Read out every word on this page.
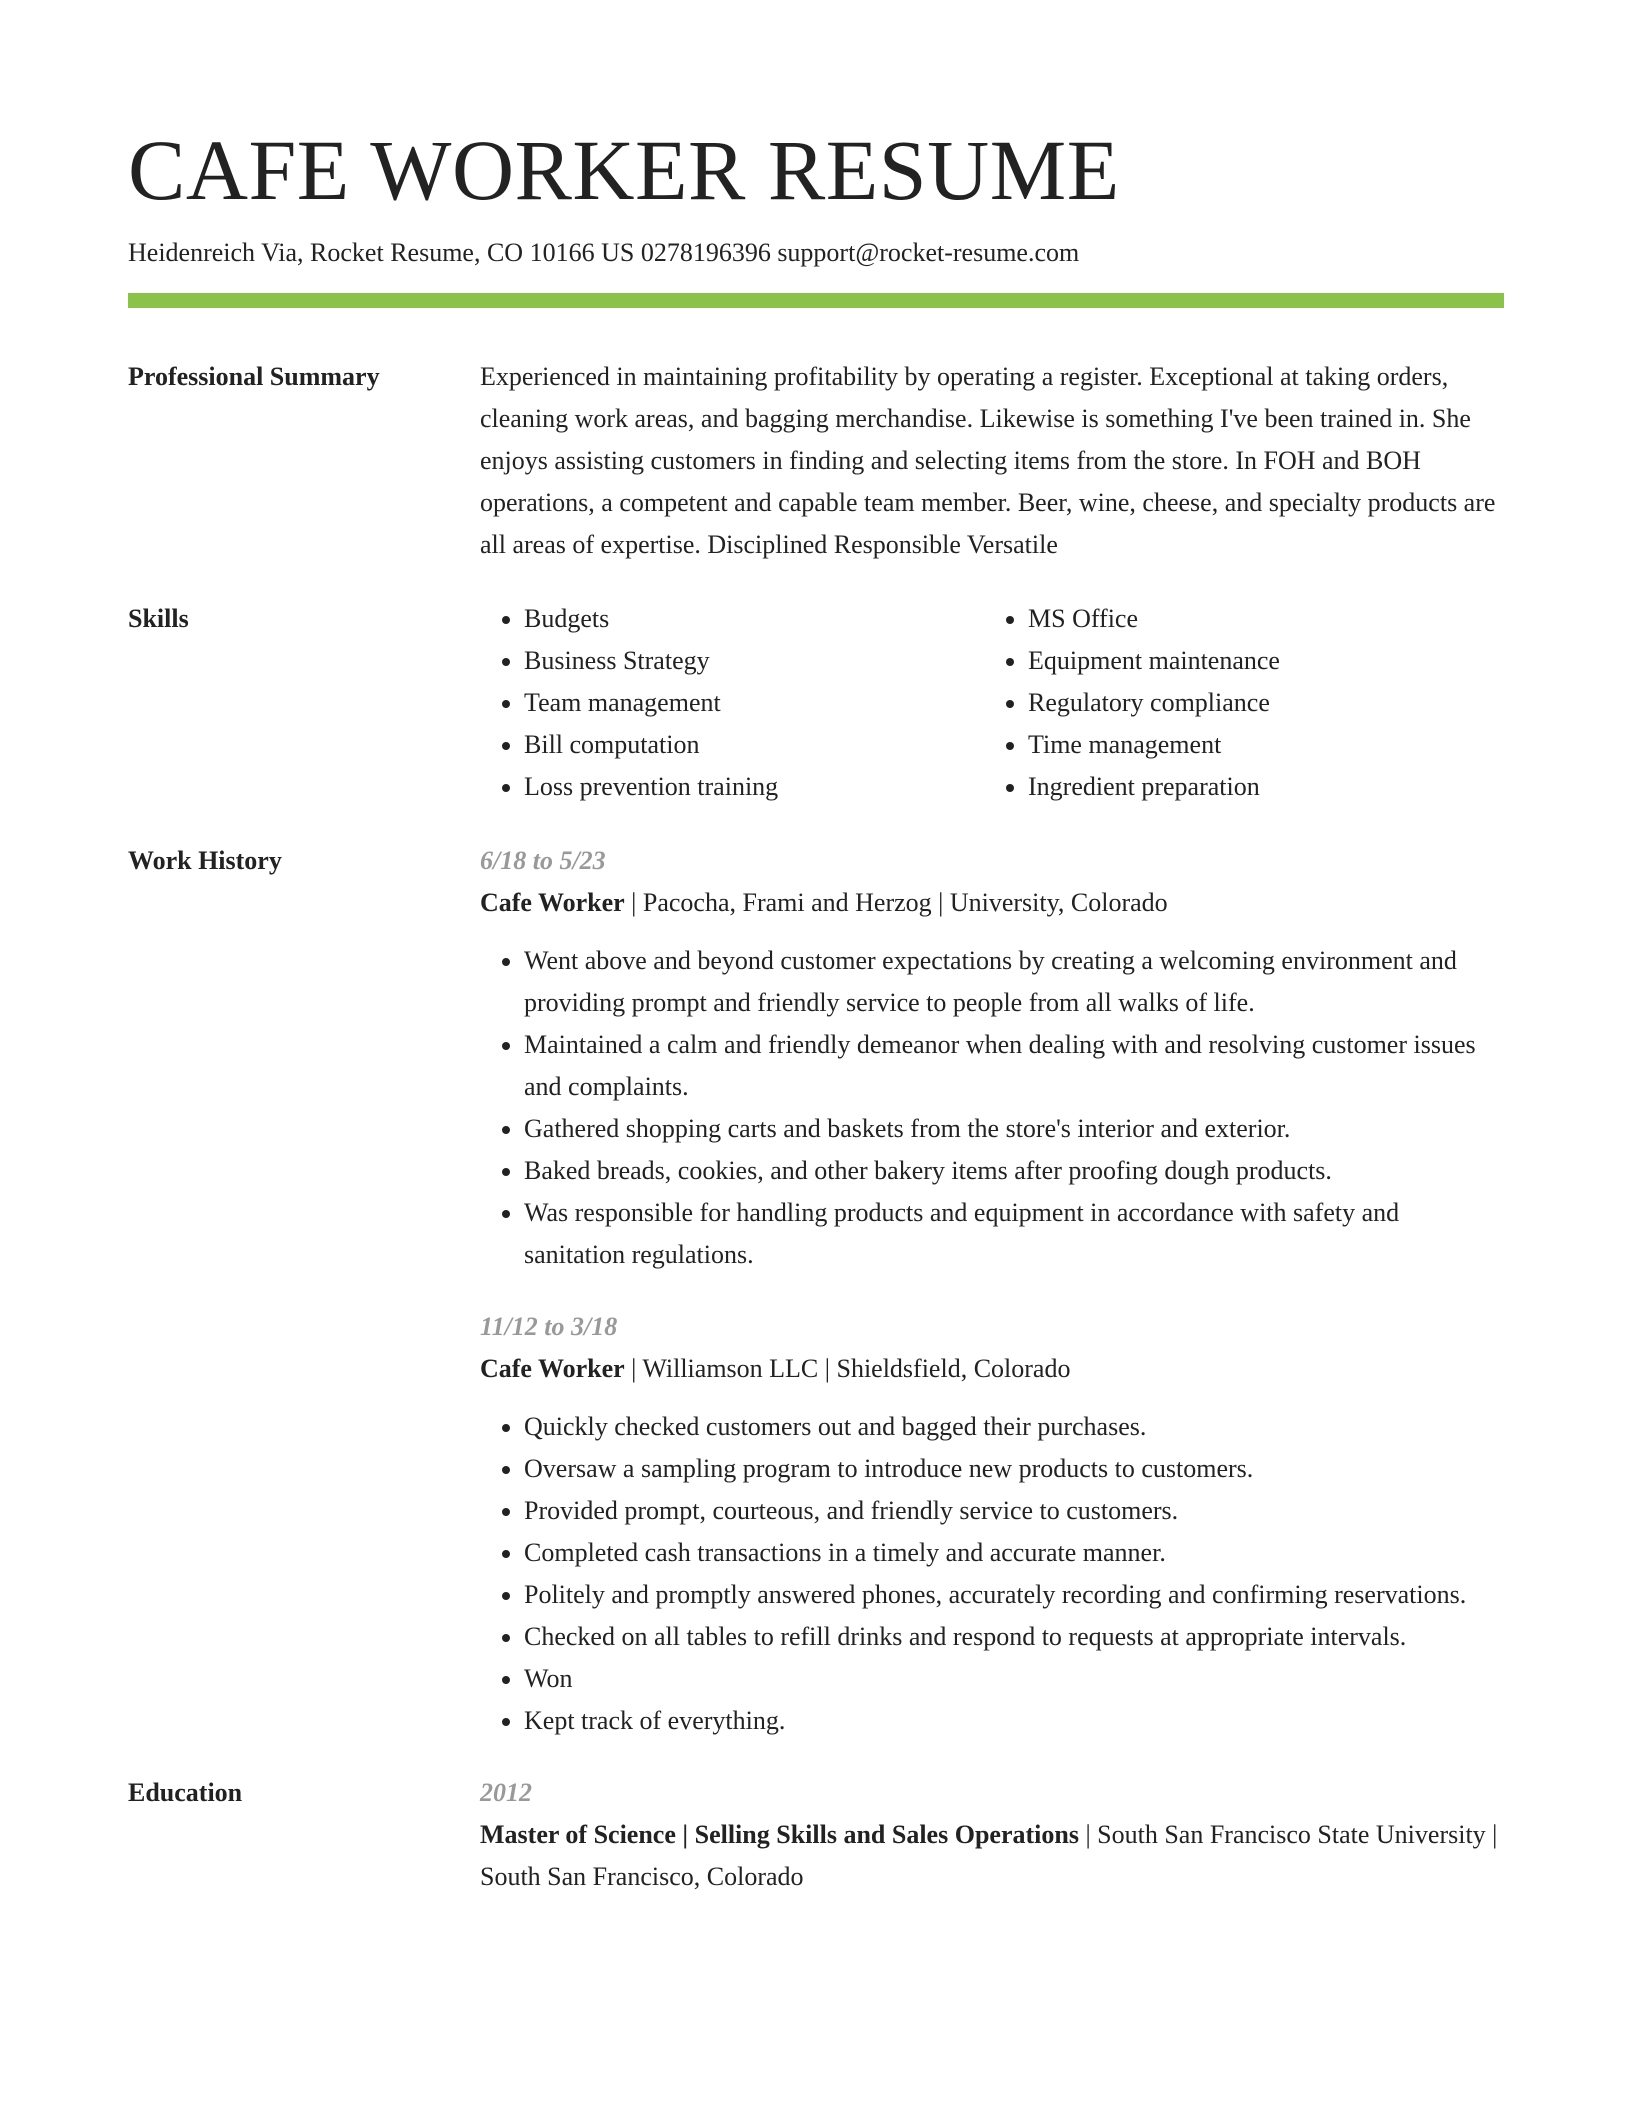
CAFE WORKER RESUME
Heidenreich Via, Rocket Resume, CO 10166 US 0278196396 support@rocket-resume.com
Professional Summary	Experienced in maintaining profitability by operating a register. Exceptional at taking orders, cleaning work areas, and bagging merchandise. Likewise is something I've been trained in. She enjoys assisting customers in finding and selecting items from the store. In FOH and BOH operations, a competent and capable team member. Beer, wine, cheese, and specialty products are all areas of expertise. Disciplined Responsible Versatile
Skills
•	Budgets
• Business Strategy
• Team management
• Bill computation
• Loss prevention training
• MS Office
• Equipment maintenance
• Regulatory compliance
• Time management
• Ingredient preparation
Work History	6/18 to 5/23
Cafe Worker | Pacocha, Frami and Herzog | University, Colorado
• Went above and beyond customer expectations by creating a welcoming environment and providing prompt and friendly service to people from all walks of life.
• Maintained a calm and friendly demeanor when dealing with and resolving customer issues and complaints.
• Gathered shopping carts and baskets from the store's interior and exterior.
• Baked breads, cookies, and other bakery items after proofing dough products.
• Was responsible for handling products and equipment in accordance with safety and sanitation regulations.
11/12 to 3/18
Cafe Worker | Williamson LLC | Shieldsfield, Colorado
• Quickly checked customers out and bagged their purchases.
• Oversaw a sampling program to introduce new products to customers.
• Provided prompt, courteous, and friendly service to customers.
• Completed cash transactions in a timely and accurate manner.
• Politely and promptly answered phones, accurately recording and confirming reservations.
• Checked on all tables to refill drinks and respond to requests at appropriate intervals.
• Won
• Kept track of everything.
Education	2012
Master of Science | Selling Skills and Sales Operations | South San Francisco State University | South San Francisco, Colorado
